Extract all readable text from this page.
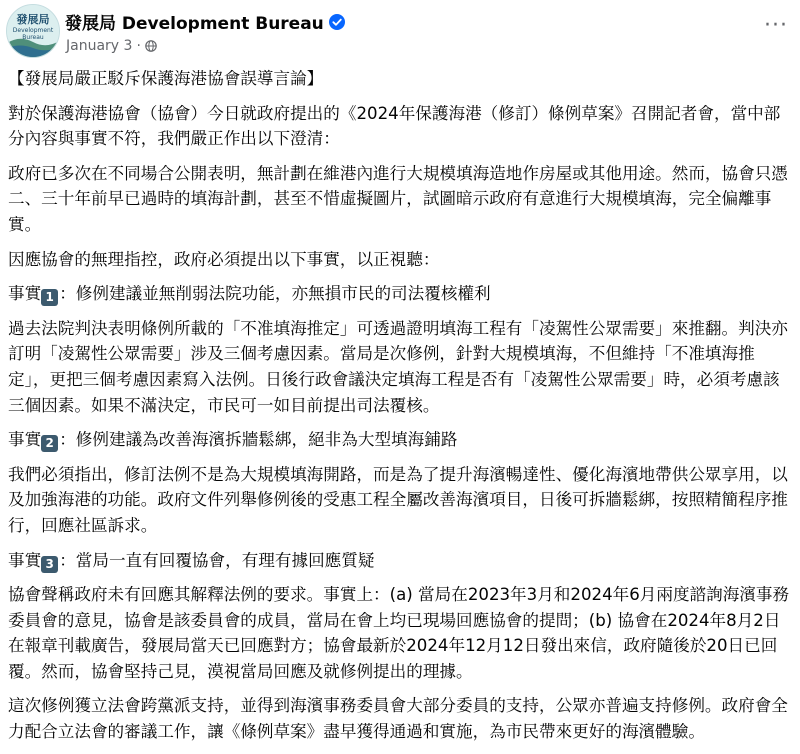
發展局
Development
Bureau
發展局 Development Bureau
January 3 ·
···

【發展局嚴正駁斥保護海港協會誤導言論】

對於保護海港協會（協會）今日就政府提出的《2024年保護海港（修訂）條例草案》召開記者會，當中部分內容與事實不符，我們嚴正作出以下澄清：

政府已多次在不同場合公開表明，無計劃在維港內進行大規模填海造地作房屋或其他用途。然而，協會只憑二、三十年前早已過時的填海計劃，甚至不惜虛擬圖片，試圖暗示政府有意進行大規模填海，完全偏離事實。

因應協會的無理指控，政府必須提出以下事實，以正視聽：

事實 1 ：修例建議並無削弱法院功能，亦無損市民的司法覆核權利

過去法院判決表明條例所載的「不准填海推定」可透過證明填海工程有「凌駕性公眾需要」來推翻。判決亦訂明「凌駕性公眾需要」涉及三個考慮因素。當局是次修例，針對大規模填海，不但維持「不准填海推定」，更把三個考慮因素寫入法例。日後行政會議決定填海工程是否有「凌駕性公眾需要」時，必須考慮該三個因素。如果不滿決定，市民可一如目前提出司法覆核。

事實 2 ：修例建議為改善海濱拆牆鬆綁，絕非為大型填海鋪路

我們必須指出，修訂法例不是為大規模填海開路，而是為了提升海濱暢達性、優化海濱地帶供公眾享用，以及加強海港的功能。政府文件列舉修例後的受惠工程全屬改善海濱項目，日後可拆牆鬆綁，按照精簡程序推行，回應社區訴求。

事實 3 ：當局一直有回覆協會，有理有據回應質疑

協會聲稱政府未有回應其解釋法例的要求。事實上：(a) 當局在2023年3月和2024年6月兩度諮詢海濱事務委員會的意見，協會是該委員會的成員，當局在會上均已現場回應協會的提問；(b) 協會在2024年8月2日在報章刊載廣告，發展局當天已回應對方；協會最新於2024年12月12日發出來信，政府隨後於20日已回覆。然而，協會堅持己見，漠視當局回應及就修例提出的理據。

這次修例獲立法會跨黨派支持，並得到海濱事務委員會大部分委員的支持，公眾亦普遍支持修例。政府會全力配合立法會的審議工作，讓《條例草案》盡早獲得通過和實施，為市民帶來更好的海濱體驗。
